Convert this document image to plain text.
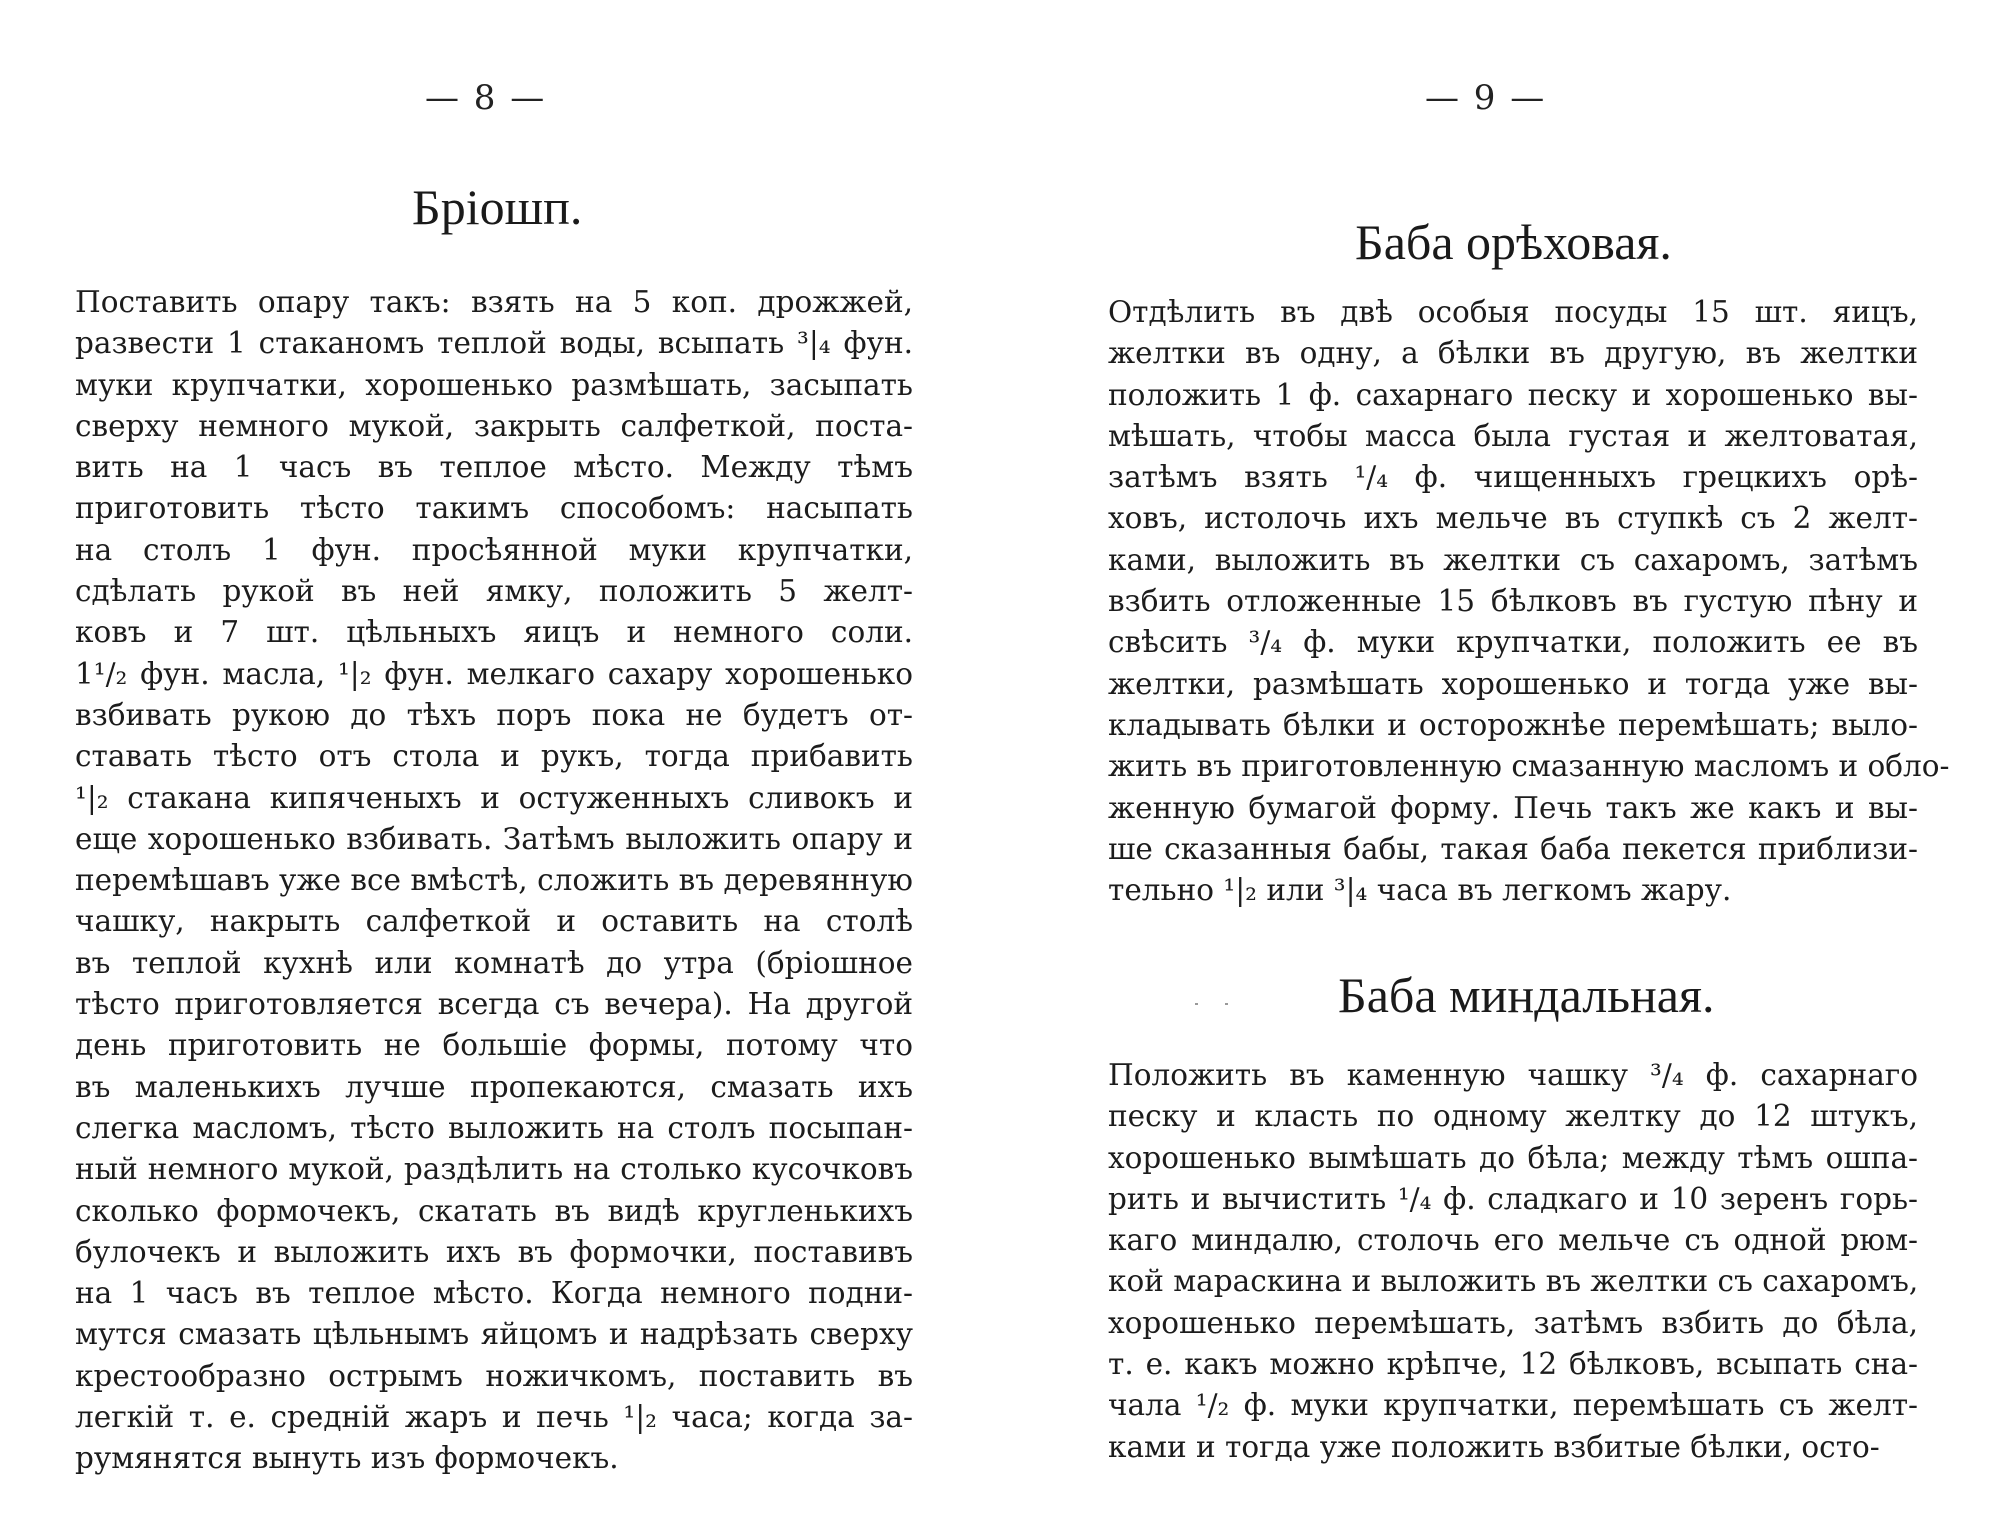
— 8 —
Бріошп.
Поставить опару такъ: взять на 5 коп. дрожжей,
развести 1 стаканомъ теплой воды, всыпать ³|₄ фун.
муки крупчатки, хорошенько размѣшать, засыпать
сверху немного мукой, закрыть салфеткой, поста-
вить на 1 часъ въ теплое мѣсто. Между тѣмъ
приготовить тѣсто такимъ способомъ: насыпать
на столъ 1 фун. просѣянной муки крупчатки,
сдѣлать рукой въ ней ямку, положить 5 желт-
ковъ и 7 шт. цѣльныхъ яицъ и немного соли.
1¹/₂ фун. масла, ¹|₂ фун. мелкаго сахару хорошенько
взбивать рукою до тѣхъ поръ пока не будетъ от-
ставать тѣсто отъ стола и рукъ, тогда прибавить
¹|₂ стакана кипяченыхъ и остуженныхъ сливокъ и
еще хорошенько взбивать. Затѣмъ выложить опару и
перемѣшавъ уже все вмѣстѣ, сложить въ деревянную
чашку, накрыть салфеткой и оставить на столѣ
въ теплой кухнѣ или комнатѣ до утра (бріошное
тѣсто приготовляется всегда съ вечера). На другой
день приготовить не большіе формы, потому что
въ маленькихъ лучше пропекаются, смазать ихъ
слегка масломъ, тѣсто выложить на столъ посыпан-
ный немного мукой, раздѣлить на столько кусочковъ
сколько формочекъ, скатать въ видѣ кругленькихъ
булочекъ и выложить ихъ въ формочки, поставивъ
на 1 часъ въ теплое мѣсто. Когда немного подни-
мутся смазать цѣльнымъ яйцомъ и надрѣзать сверху
крестообразно острымъ ножичкомъ, поставить въ
легкій т. е. средній жаръ и печь ¹|₂ часа; когда за-
румянятся вынуть изъ формочекъ.
— 9 —
Баба орѣховая.
Отдѣлить въ двѣ особыя посуды 15 шт. яицъ,
желтки въ одну, а бѣлки въ другую, въ желтки
положить 1 ф. сахарнаго песку и хорошенько вы-
мѣшать, чтобы масса была густая и желтоватая,
затѣмъ взять ¹/₄ ф. чищенныхъ грецкихъ орѣ-
ховъ, истолочь ихъ мельче въ ступкѣ съ 2 желт-
ками, выложить въ желтки съ сахаромъ, затѣмъ
взбить отложенные 15 бѣлковъ въ густую пѣну и
свѣсить ³/₄ ф. муки крупчатки, положить ее въ
желтки, размѣшать хорошенько и тогда уже вы-
кладывать бѣлки и осторожнѣе перемѣшать; выло-
жить въ приготовленную смазанную масломъ и обло-
женную бумагой форму. Печь такъ же какъ и вы-
ше сказанныя бабы, такая баба пекется приблизи-
тельно ¹|₂ или ³|₄ часа въ легкомъ жару.
Баба миндальная.
Положить въ каменную чашку ³/₄ ф. сахарнаго
песку и класть по одному желтку до 12 штукъ,
хорошенько вымѣшать до бѣла; между тѣмъ ошпа-
рить и вычистить ¹/₄ ф. сладкаго и 10 зеренъ горь-
каго миндалю, столочь его мельче съ одной рюм-
кой мараскина и выложить въ желтки съ сахаромъ,
хорошенько перемѣшать, затѣмъ взбить до бѣла,
т. е. какъ можно крѣпче, 12 бѣлковъ, всыпать сна-
чала ¹/₂ ф. муки крупчатки, перемѣшать съ желт-
ками и тогда уже положить взбитые бѣлки, осто-
